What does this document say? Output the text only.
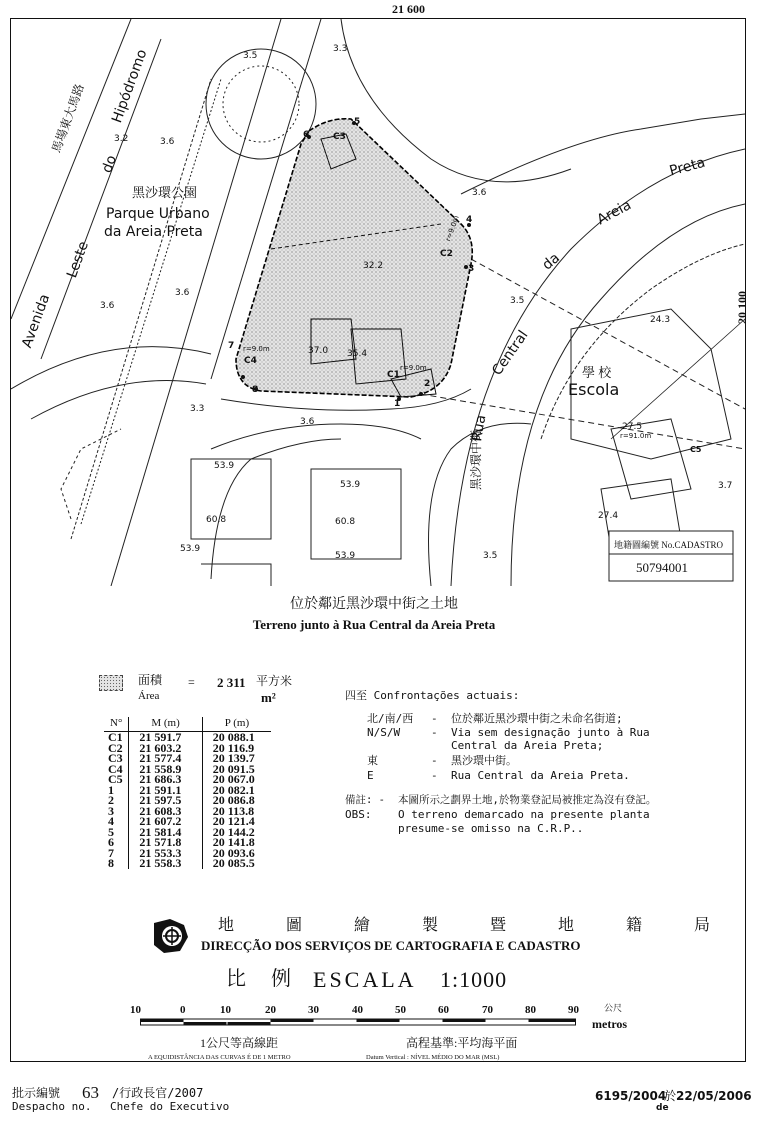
21 600
20 100
Avenida
Leste
do
Hipódromo
馬場東大馬路
黑沙環公園
Parque Urbano
da Areia Preta
Rua
Central
da
Areia
Preta
黑沙環中街
學 校
Escola
3.5
3.3
3.2	3.6
3.6
3.6
3.6
3.6
32.2
37.0 35.4
3.3
3.5
53.9
53.9
60.8	60.8
53.9
53.9
24.3
27.5
27.4
3.7
3.5
C3
C2
C4
C1
C5
1
2
3
4
5
6
7
8
r=9.0m
r=9.0m
r=9.0m
r=91.0m
地籍圖編號 No.CADASTRO
50794001
位於鄰近黑沙環中街之土地
Terreno junto à Rua Central da Areia Preta
面積
Área
= 2 311 平方米
m²
N°	M (m)	P (m)
C1	21 591.7	20 088.1
C2	21 603.2	20 116.9
C3	21 577.4	20 139.7
C4	21 558.9	20 091.5
C5	21 686.3	20 067.0
1	21 591.1	20 082.1
2	21 597.5	20 086.8
3	21 608.3	20 113.8
4	21 607.2	20 121.4
5	21 581.4	20 144.2
6	21 571.8	20 141.8
7	21 553.3	20 093.6
8	21 558.3	20 085.5
四至 Confrontações actuais:
北/南/西 - 位於鄰近黑沙環中街之未命名街道;
N/S/W	- Via sem designação junto à Rua
Central da Areia Preta;
東	- 黑沙環中街。
E	- Rua Central da Areia Preta.
備註: - 本圖所示之劃界土地,於物業登記局被推定為沒有登記。
OBS: O terreno demarcado na presente planta
presume-se omisso na C.R.P..
地 圖 繪 製 暨 地 籍 局
DIRECÇÃO DOS SERVIÇOS DE CARTOGRAFIA E CADASTRO
比 例 ESCALA 1:1000
10	0	10	20	30	40	50	60	70	80	90	公尺
metros
1公尺等高線距
A EQUIDISTÂNCIA DAS CURVAS É DE 1 METRO
高程基準:平均海平面
Datum Vertical : NÍVEL MÉDIO DO MAR (MSL)
批示編號 63 /行政長官/2007
Despacho no. Chefe do Executivo
6195/2004
於 22/05/2006
de
